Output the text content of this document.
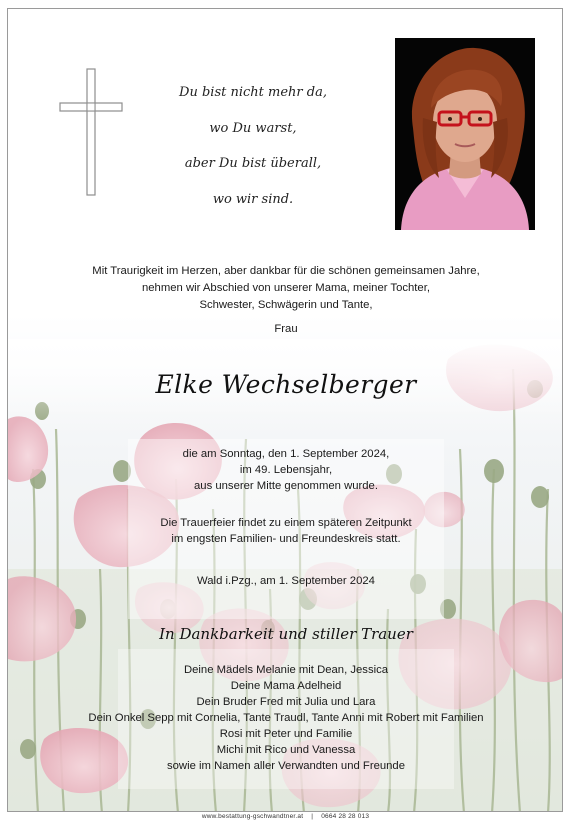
Du bist nicht mehr da,
wo Du warst,
aber Du bist überall,
wo wir sind.
Mit Traurigkeit im Herzen, aber dankbar für die schönen gemeinsamen Jahre,
nehmen wir Abschied von unserer Mama, meiner Tochter,
Schwester, Schwägerin und Tante,
Frau
Elke Wechselberger
die am Sonntag, den 1. September 2024,
im 49. Lebensjahr,
aus unserer Mitte genommen wurde.
Die Trauerfeier findet zu einem späteren Zeitpunkt
im engsten Familien- und Freundeskreis statt.
Wald i.Pzg., am 1. September 2024
In Dankbarkeit und stiller Trauer
Deine Mädels Melanie mit Dean, Jessica
Deine Mama Adelheid
Dein Bruder Fred mit Julia und Lara
Dein Onkel Sepp mit Cornelia, Tante Traudl, Tante Anni mit Robert mit Familien
Rosi mit Peter und Familie
Michi mit Rico und Vanessa
sowie im Namen aller Verwandten und Freunde
www.bestattung-gschwandtner.at    |    0664 28 28 013
